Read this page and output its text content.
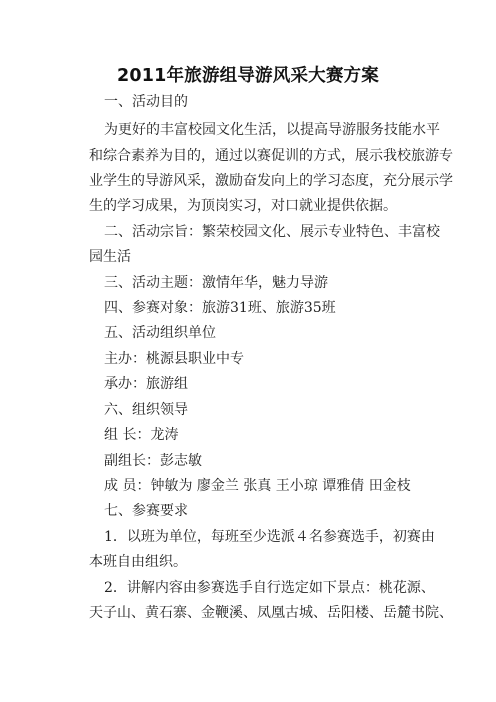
2011年旅游组导游风采大赛方案
一、活动目的
为更好的丰富校园文化生活，以提高导游服务技能水平
和综合素养为目的，通过以赛促训的方式，展示我校旅游专
业学生的导游风采，激励奋发向上的学习态度，充分展示学
生的学习成果，为顶岗实习，对口就业提供依据。
二、活动宗旨：繁荣校园文化、展示专业特色、丰富校
园生活
三、活动主题：激情年华，魅力导游
四、参赛对象：旅游31班、旅游35班
五、活动组织单位
主办：桃源县职业中专
承办：旅游组
六、组织领导
组 长：龙涛
副组长：彭志敏
成 员：钟敏为 廖金兰 张真 王小琼 谭雅倩 田金枝
七、参赛要求
1．以班为单位，每班至少选派４名参赛选手，初赛由
本班自由组织。
2．讲解内容由参赛选手自行选定如下景点：桃花源、
天子山、黄石寨、金鞭溪、凤凰古城、岳阳楼、岳麓书院、
